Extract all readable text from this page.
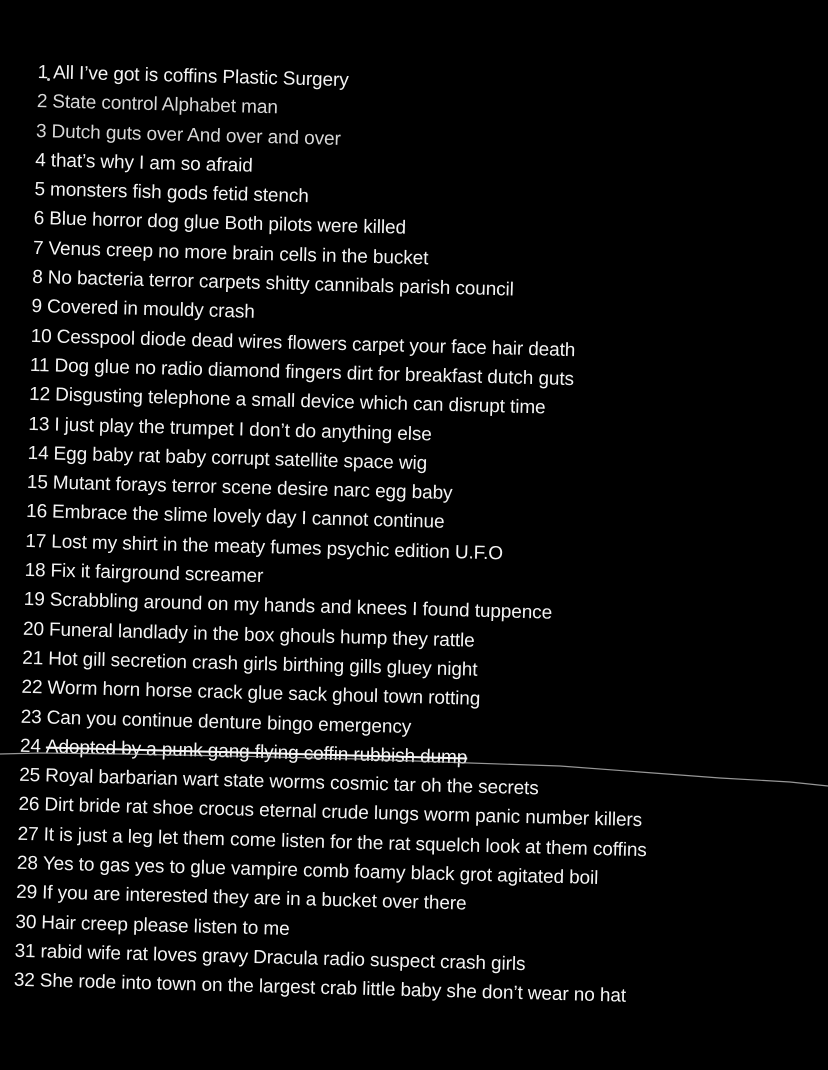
1 All I’ve got is coffins Plastic Surgery
2 State control Alphabet man
3 Dutch guts over And over and over
4 that’s why I am so afraid
5 monsters fish gods fetid stench
6 Blue horror dog glue Both pilots were killed
7 Venus creep no more brain cells in the bucket
8 No bacteria terror carpets shitty cannibals parish council
9 Covered in mouldy crash
10 Cesspool diode dead wires flowers carpet your face hair death
11 Dog glue no radio diamond fingers dirt for breakfast dutch guts
12 Disgusting telephone a small device which can disrupt time
13 I just play the trumpet I don’t do anything else
14 Egg baby rat baby corrupt satellite space wig
15 Mutant forays terror scene desire narc egg baby
16 Embrace the slime lovely day I cannot continue
17 Lost my shirt in the meaty fumes psychic edition U.F.O
18 Fix it fairground screamer
19 Scrabbling around on my hands and knees I found tuppence
20 Funeral landlady in the box ghouls hump they rattle
21 Hot gill secretion crash girls birthing gills gluey night
22 Worm horn horse crack glue sack ghoul town rotting
23 Can you continue denture bingo emergency
24 Adopted by a punk gang flying coffin rubbish dump
25 Royal barbarian wart state worms cosmic tar oh the secrets
26 Dirt bride rat shoe crocus eternal crude lungs worm panic number killers
27 It is just a leg let them come listen for the rat squelch look at them coffins
28 Yes to gas yes to glue vampire comb foamy black grot agitated boil
29 If you are interested they are in a bucket over there
30 Hair creep please listen to me
31 rabid wife rat loves gravy Dracula radio suspect crash girls
32 She rode into town on the largest crab little baby she don’t wear no hat
